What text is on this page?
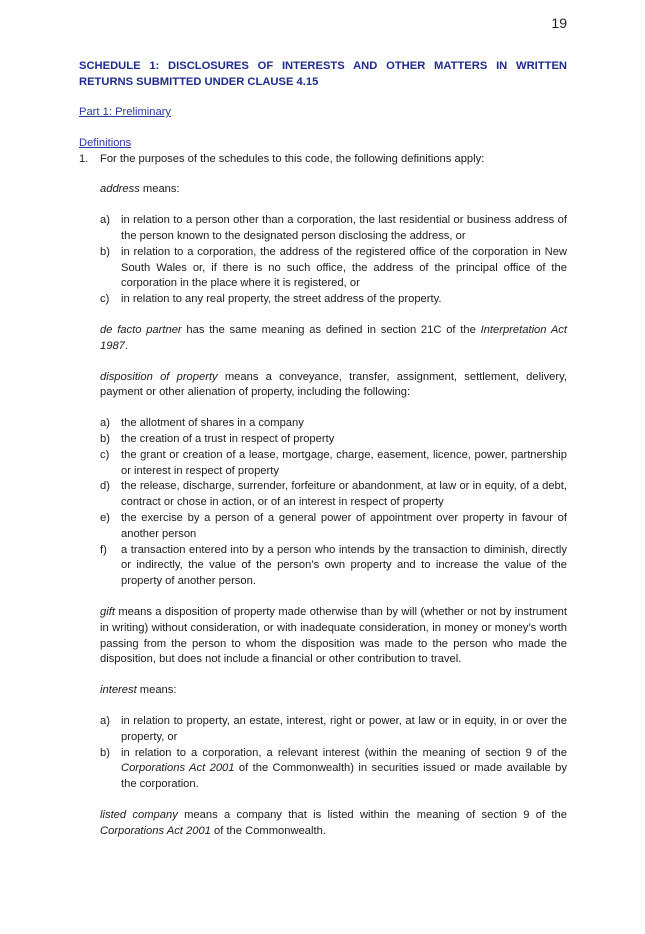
19

SCHEDULE 1: DISCLOSURES OF INTERESTS AND OTHER MATTERS IN WRITTEN RETURNS SUBMITTED UNDER CLAUSE 4.15

Part 1: Preliminary
Definitions
1.	For the purposes of the schedules to this code, the following definitions apply:
address means:
a) in relation to a person other than a corporation, the last residential or business address of the person known to the designated person disclosing the address, or
b) in relation to a corporation, the address of the registered office of the corporation in New South Wales or, if there is no such office, the address of the principal office of the corporation in the place where it is registered, or
c)	in relation to any real property, the street address of the property.
de facto partner has the same meaning as defined in section 21C of the Interpretation Act 1987.
disposition of property means a conveyance, transfer, assignment, settlement, delivery, payment or other alienation of property, including the following:
a) the allotment of shares in a company
b) the creation of a trust in respect of property
c)	the grant or creation of a lease, mortgage, charge, easement, licence, power, partnership or interest in respect of property
d) the release, discharge, surrender, forfeiture or abandonment, at law or in equity, of a debt, contract or chose in action, or of an interest in respect of property
e) the exercise by a person of a general power of appointment over property in favour of another person
f)	a transaction entered into by a person who intends by the transaction to diminish, directly or indirectly, the value of the person’s own property and to increase the value of the property of another person.
gift means a disposition of property made otherwise than by will (whether or not by instrument in writing) without consideration, or with inadequate consideration, in money or money’s worth passing from the person to whom the disposition was made to the person who made the disposition, but does not include a financial or other contribution to travel.
interest means:
a) in relation to property, an estate, interest, right or power, at law or in equity, in or over the property, or
b) in relation to a corporation, a relevant interest (within the meaning of section 9 of the Corporations Act 2001 of the Commonwealth) in securities issued or made available by the corporation.
listed company means a company that is listed within the meaning of section 9 of the Corporations Act 2001 of the Commonwealth.
